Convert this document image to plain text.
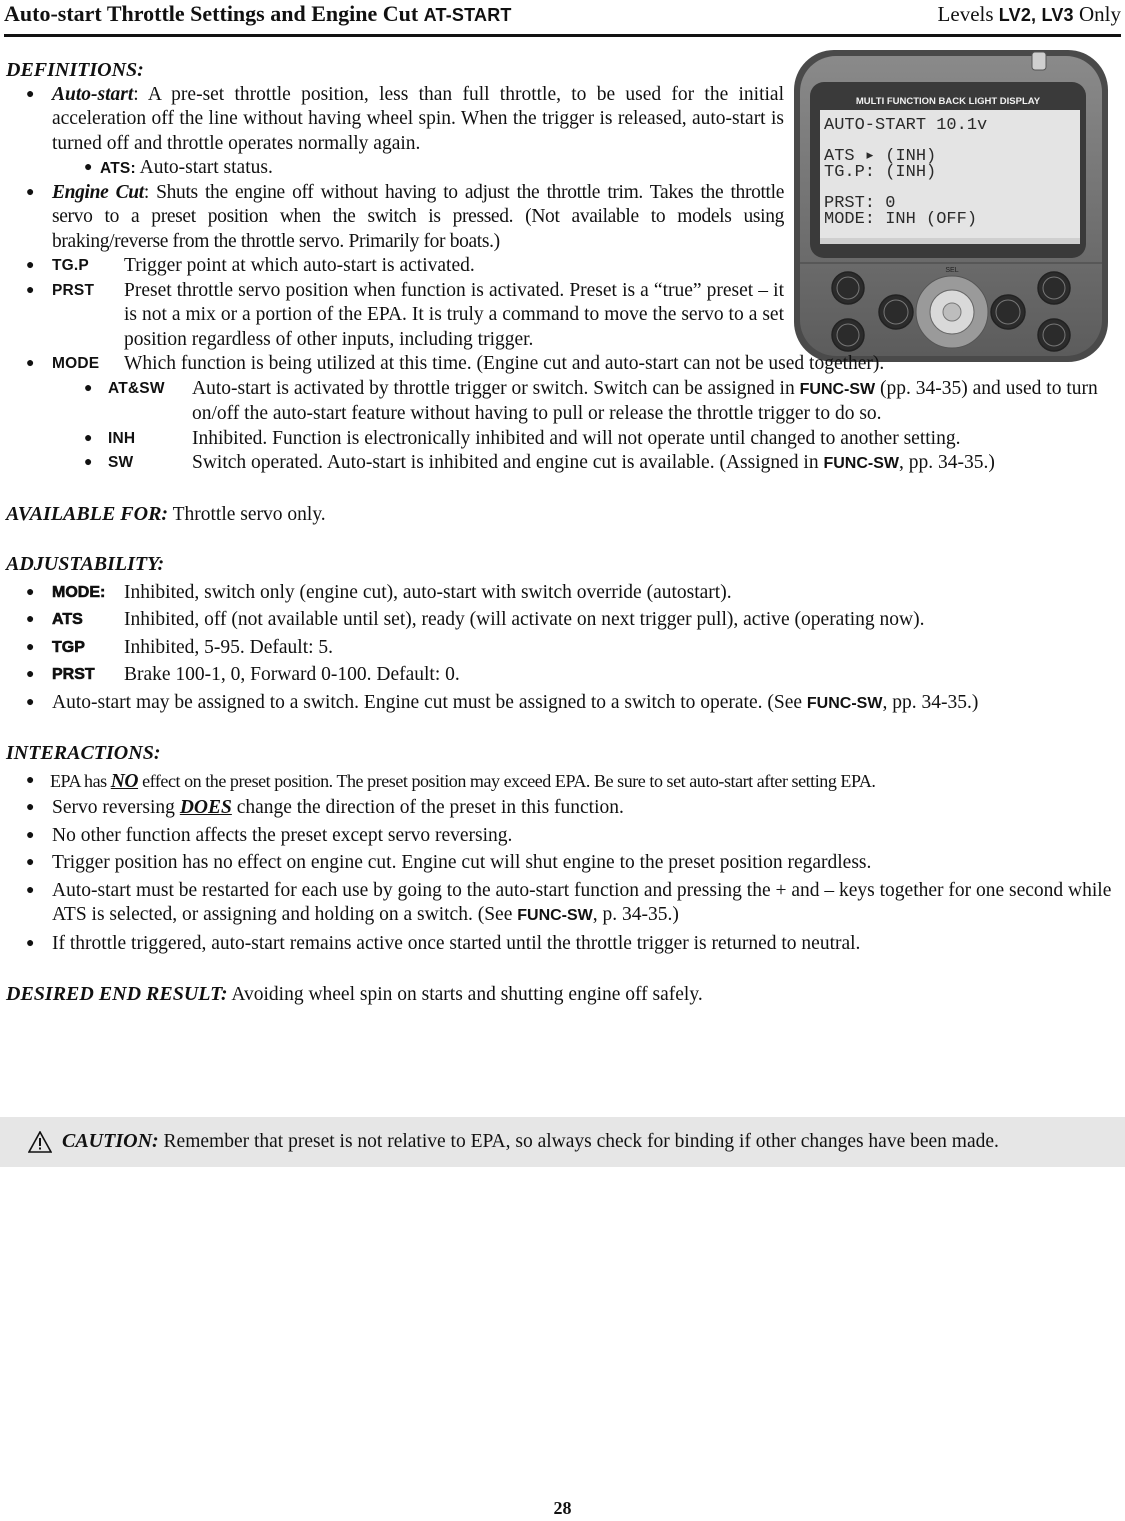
Auto-start Throttle Settings and Engine Cut AT-START	Levels LV2, LV3 Only
MULTI FUNCTION BACK LIGHT DISPLAY
AUTO-START 10.1v
ATS ▸ (INH)
TG.P: (INH)
PRST: 0
MODE: INH (OFF)
SEL
DEFINITIONS:
● Auto-start: A pre-set throttle position, less than full throttle, to be used for the initial acceleration off the line without having wheel spin. When the trigger is released, auto-start is turned off and throttle operates normally again.
● ATS: Auto-start status.
● Engine Cut: Shuts the engine off without having to adjust the throttle trim. Takes the throttle servo to a preset position when the switch is pressed. (Not available to models using braking/reverse from the throttle servo. Primarily for boats.)
● TG.P	Trigger point at which auto-start is activated.
● PRST	Preset throttle servo position when function is activated. Preset is a “true” preset – it is not a mix or a portion of the EPA. It is truly a command to move the servo to a set position regardless of other inputs, including trigger.
● MODE	Which function is being utilized at this time. (Engine cut and auto-start can not be used together).
● AT&SW	Auto-start is activated by throttle trigger or switch. Switch can be assigned in FUNC-SW (pp. 34-35) and used to turn on/off the auto-start feature without having to pull or release the throttle trigger to do so.
● INH	Inhibited. Function is electronically inhibited and will not operate until changed to another setting.
● SW	Switch operated. Auto-start is inhibited and engine cut is available. (Assigned in FUNC-SW, pp. 34-35.)
AVAILABLE FOR: Throttle servo only.
ADJUSTABILITY:
● MODE: Inhibited, switch only (engine cut), auto-start with switch override (autostart).
● ATS	Inhibited, off (not available until set), ready (will activate on next trigger pull), active (operating now).
● TGP	Inhibited, 5-95. Default: 5.
● PRST	Brake 100-1, 0, Forward 0-100. Default: 0.
● Auto-start may be assigned to a switch. Engine cut must be assigned to a switch to operate. (See FUNC-SW, pp. 34-35.)
INTERACTIONS:
● EPA has NO effect on the preset position. The preset position may exceed EPA. Be sure to set auto-start after setting EPA.
● Servo reversing DOES change the direction of the preset in this function.
● No other function affects the preset except servo reversing.
● Trigger position has no effect on engine cut. Engine cut will shut engine to the preset position regardless.
● Auto-start must be restarted for each use by going to the auto-start function and pressing the + and – keys together for one second while ATS is selected, or assigning and holding on a switch. (See FUNC-SW, p. 34-35.)
● If throttle triggered, auto-start remains active once started until the throttle trigger is returned to neutral.
DESIRED END RESULT: Avoiding wheel spin on starts and shutting engine off safely.
CAUTION: Remember that preset is not relative to EPA, so always check for binding if other changes have been made.
28
